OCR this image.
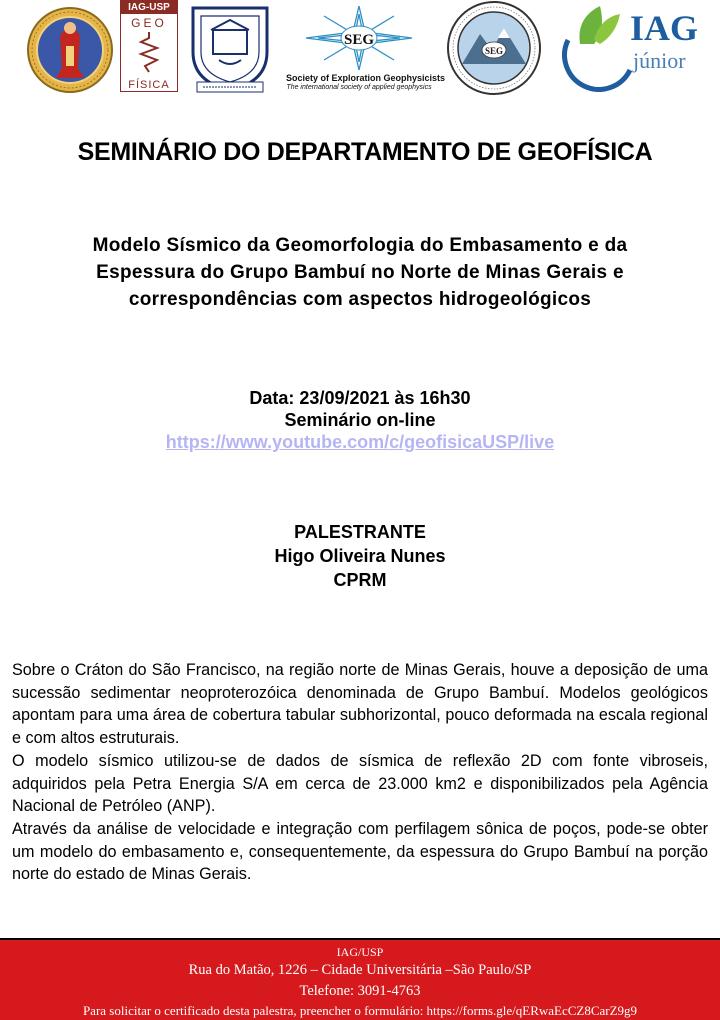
IAG-USP
GEO
FÍSICA
SEG
Society of Exploration Geophysicists
The international society of applied geophysics
SEG
IAG
júnior
SEMINÁRIO DO DEPARTAMENTO DE GEOFÍSICA
Modelo Sísmico da Geomorfologia do Embasamento e da
Espessura do Grupo Bambuí no Norte de Minas Gerais e
correspondências com aspectos hidrogeológicos
Data: 23/09/2021 às 16h30
Seminário on-line
https://www.youtube.com/c/geofisicaUSP/live
PALESTRANTE
Higo Oliveira Nunes
CPRM

Sobre o Cráton do São Francisco, na região norte de Minas Gerais, houve a deposição de uma sucessão sedimentar neoproterozóica denominada de Grupo Bambuí. Modelos geológicos apontam para uma área de cobertura tabular subhorizontal, pouco deformada na escala regional e com altos estruturais.

O modelo sísmico utilizou-se de dados de sísmica de reflexão 2D com fonte vibroseis, adquiridos pela Petra Energia S/A em cerca de 23.000 km2 e disponibilizados pela Agência Nacional de Petróleo (ANP).

Através da análise de velocidade e integração com perfilagem sônica de poços, pode-se obter um modelo do embasamento e, consequentemente, da espessura do Grupo Bambuí na porção norte do estado de Minas Gerais.

IAG/USP
Rua do Matão, 1226 – Cidade Universitária –São Paulo/SP
Telefone: 3091-4763
Para solicitar o certificado desta palestra, preencher o formulário: https://forms.gle/qERwaEcCZ8CarZ9g9
